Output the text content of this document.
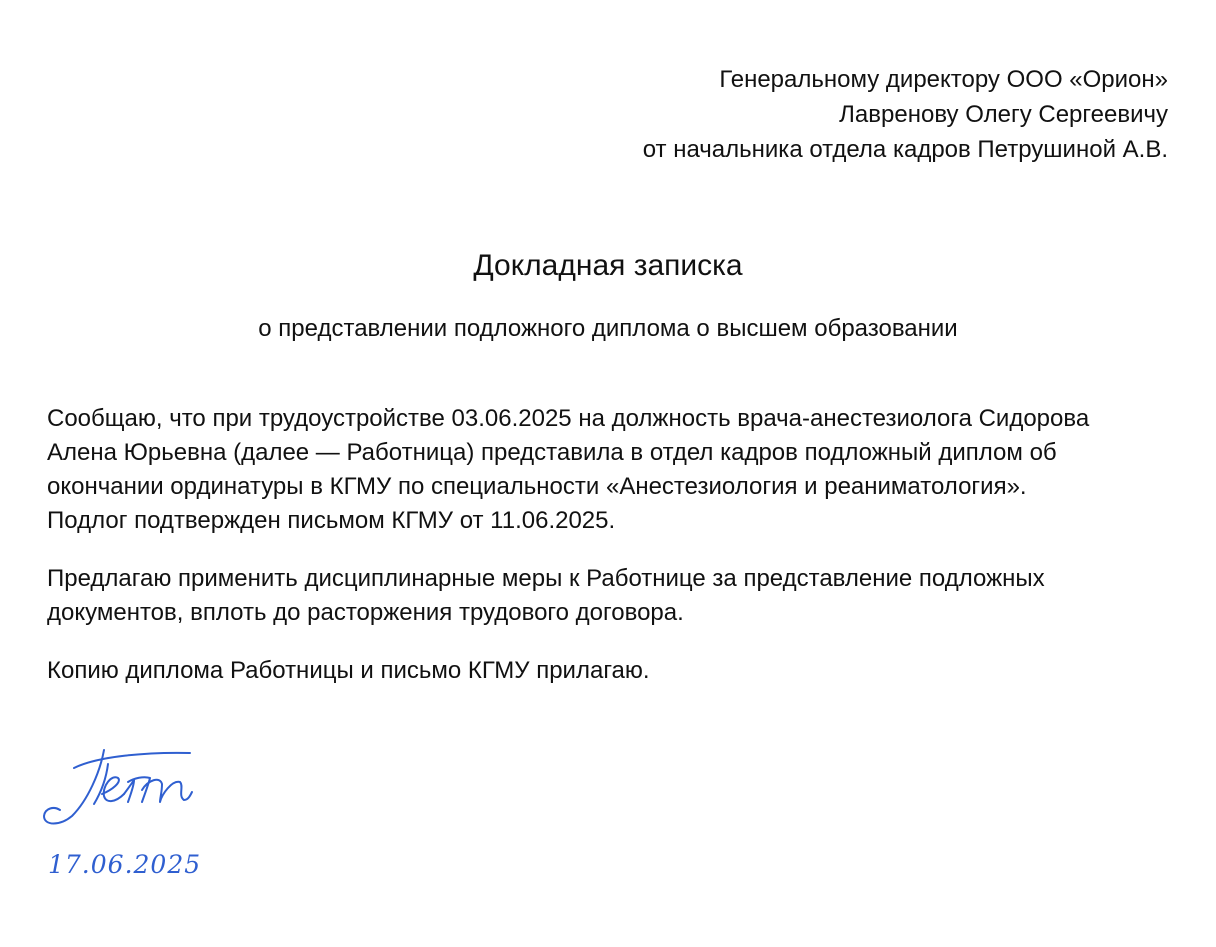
Генеральному директору ООО «Орион»
Лавренову Олегу Сергеевичу
от начальника отдела кадров Петрушиной А.В.
Докладная записка
о представлении подложного диплома о высшем образовании

Сообщаю, что при трудоустройстве 03.06.2025 на должность врача-анестезиолога Сидорова
Алена Юрьевна (далее — Работница) представила в отдел кадров подложный диплом об
окончании ординатуры в КГМУ по специальности «Анестезиология и реаниматология».
Подлог подтвержден письмом КГМУ от 11.06.2025.

Предлагаю применить дисциплинарные меры к Работнице за представление подложных
документов, вплоть до расторжения трудового договора.

Копию диплома Работницы и письмо КГМУ прилагаю.

17.06.2025
